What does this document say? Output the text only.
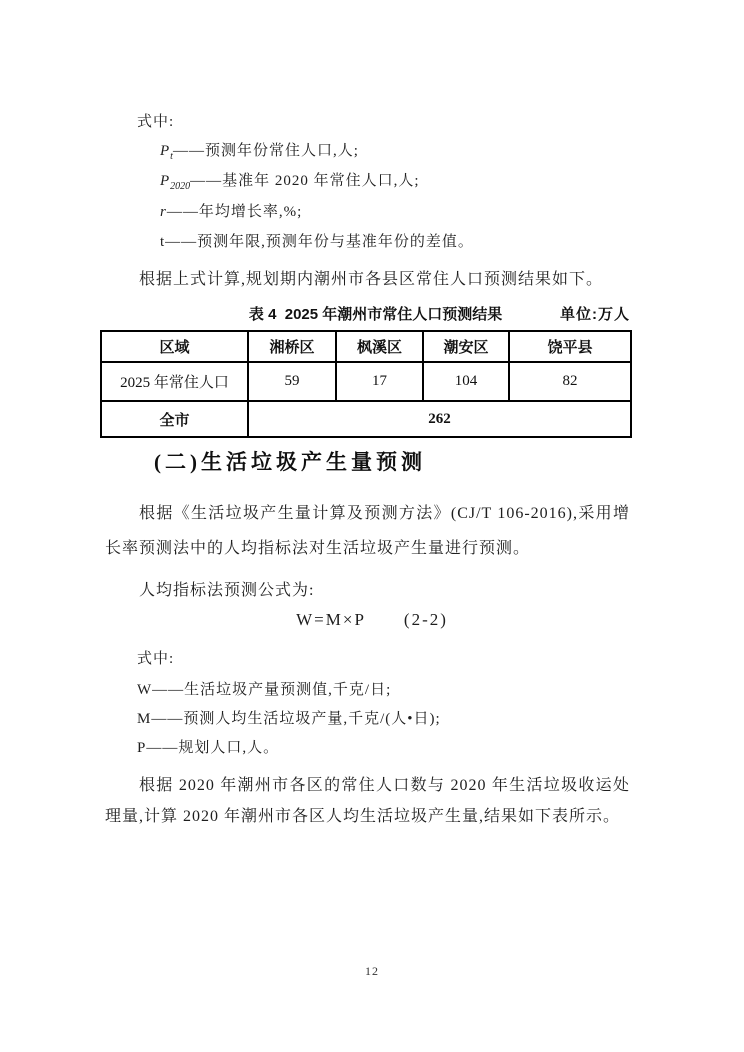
式中:
$P_t——$预测年份常住人口,人;
$P_{2020}——$基准年 2020 年常住人口,人;
r——年均增长率,%;
t——预测年限,预测年份与基准年份的差值。
根据上式计算,规划期内潮州市各县区常住人口预测结果如下。
表 4  2025 年潮州市常住人口预测结果	单位:万人
区域	湘桥区	枫溪区	潮安区	饶平县
2025 年常住人口	59	17	104	82
全市	262			
(二)生活垃圾产生量预测
根据《生活垃圾产生量计算及预测方法》(CJ/T 106-2016),采用增长率预测法中的人均指标法对生活垃圾产生量进行预测。
人均指标法预测公式为:
W=M×P (2-2)
式中:
W——生活垃圾产量预测值,千克/日;
M——预测人均生活垃圾产量,千克/(人•日);
P——规划人口,人。
根据 2020 年潮州市各区的常住人口数与 2020 年生活垃圾收运处理量,计算 2020 年潮州市各区人均生活垃圾产生量,结果如下表所示。
12
